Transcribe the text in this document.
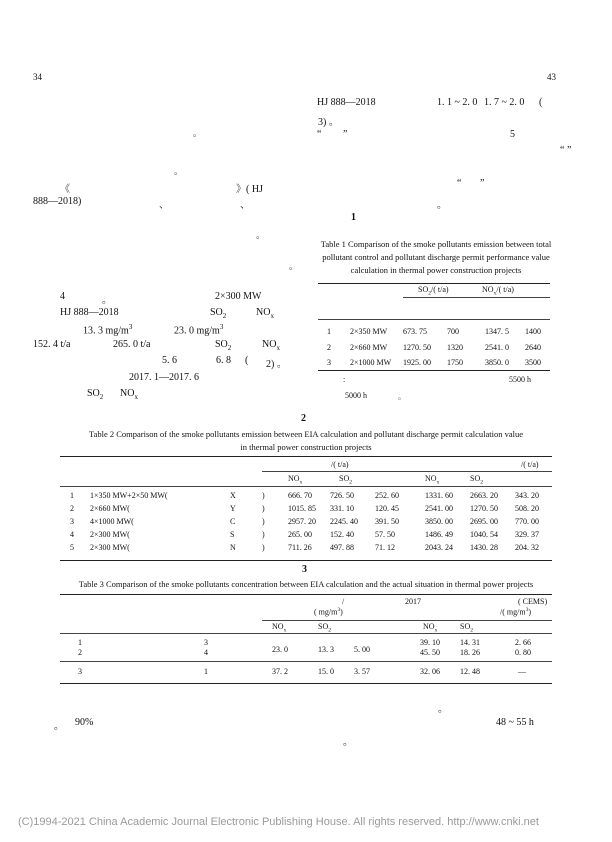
34	43
。
。
《	》( HJ
888—2018)	、	、
。
。
4	。	2×300 MW
HJ 888—2018	$SO_2$	$NO_x$
13. 3 $mg/m^3$	23. 0 $mg/m^3$
152. 4 t/a	265. 0 t/a	$SO_2$	$NO_x$
5. 6	6. 8 ( 2) 。
2017. 1—2017. 6
$SO_2$ $NO_x$
HJ 888—2018	1. 1 ~ 2. 0 1. 7 ~ 2. 0 (
3) 。
“ ”	5
“ ”
“ ”
。
1
Table 1 Comparison of the smoke pollutants emission between total
pollutant control and pollutant discharge permit performance value
calculation in thermal power construction projects
$SO_2/$( t/a)	$NO_x/$( t/a)
1 2×350 MW 673. 75	700	1347. 5 1400
2 2×660 MW 1270. 50 1320	2541. 0 2640
3 2×1000 MW 1925. 00 1750	3850. 0 3500
:	5500 h
5000 h	。
2
Table 2 Comparison of the smoke pollutants emission between EIA calculation and pollutant discharge permit calculation value
in thermal power construction projects
/( t/a)	/( t/a)
$NO_x$	$SO_2$	$NO_x$	$SO_2$
1 1×350 MW+2×50 MW(	X	)	666. 70 726. 50	252. 60	1331. 60 2663. 20 343. 20
2 2×660 MW(	Y	)	1015. 85 331. 10	120. 45	2541. 00 1270. 50 508. 20
3 4×1000 MW(	C	)	2957. 20 2245. 40 391. 50	3850. 00 2695. 00 770. 00
4 2×300 MW(	S	)	265. 00 152. 40	57. 50	1486. 49 1040. 54 329. 37
5 2×300 MW(	N	)	711. 26 497. 88	71. 12	2043. 24 1430. 28 204. 32
3
Table 3 Comparison of the smoke pollutants concentration between EIA calculation and the actual situation in thermal power projects
/	2017	( CEMS)
( $mg/m^3$)	/( $mg/m^3$)
$NO_x$	$SO_2$	$NO_x$	$SO_2$
1	3
23. 0	13. 3	5. 00
39. 10	14. 31	2. 66
2	4	45. 50	18. 26	0. 80
3	1	37. 2	15. 0	3. 57	32. 06	12. 48	—
。
。 90%	48 ~ 55 h
。
(C)1994-2021 China Academic Journal Electronic Publishing House. All rights reserved. http://www.cnki.net
